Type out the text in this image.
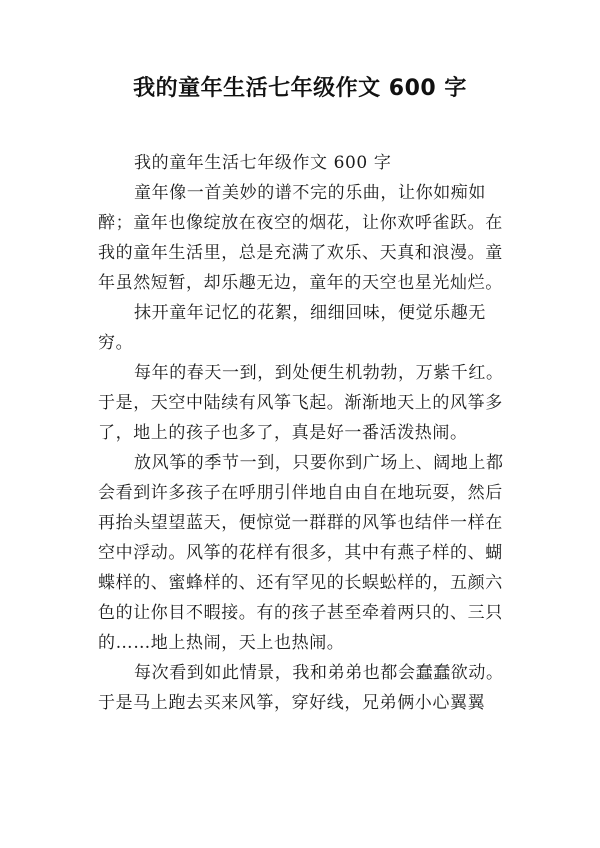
我的童年生活七年级作文 600 字

我的童年生活七年级作文 600 字

童年像一首美妙的谱不完的乐曲，让你如痴如醉；童年也像绽放在夜空的烟花，让你欢呼雀跃。在我的童年生活里，总是充满了欢乐、天真和浪漫。童年虽然短暂，却乐趣无边，童年的天空也星光灿烂。

抹开童年记忆的花絮，细细回味，便觉乐趣无穷。

每年的春天一到，到处便生机勃勃，万紫千红。于是，天空中陆续有风筝飞起。渐渐地天上的风筝多了，地上的孩子也多了，真是好一番活泼热闹。

放风筝的季节一到，只要你到广场上、阔地上都会看到许多孩子在呼朋引伴地自由自在地玩耍，然后再抬头望望蓝天，便惊觉一群群的风筝也结伴一样在空中浮动。风筝的花样有很多，其中有燕子样的、蝴蝶样的、蜜蜂样的、还有罕见的长蜈蚣样的，五颜六色的让你目不暇接。有的孩子甚至牵着两只的、三只的……地上热闹，天上也热闹。

每次看到如此情景，我和弟弟也都会蠢蠢欲动。于是马上跑去买来风筝，穿好线，兄弟俩小心翼翼
